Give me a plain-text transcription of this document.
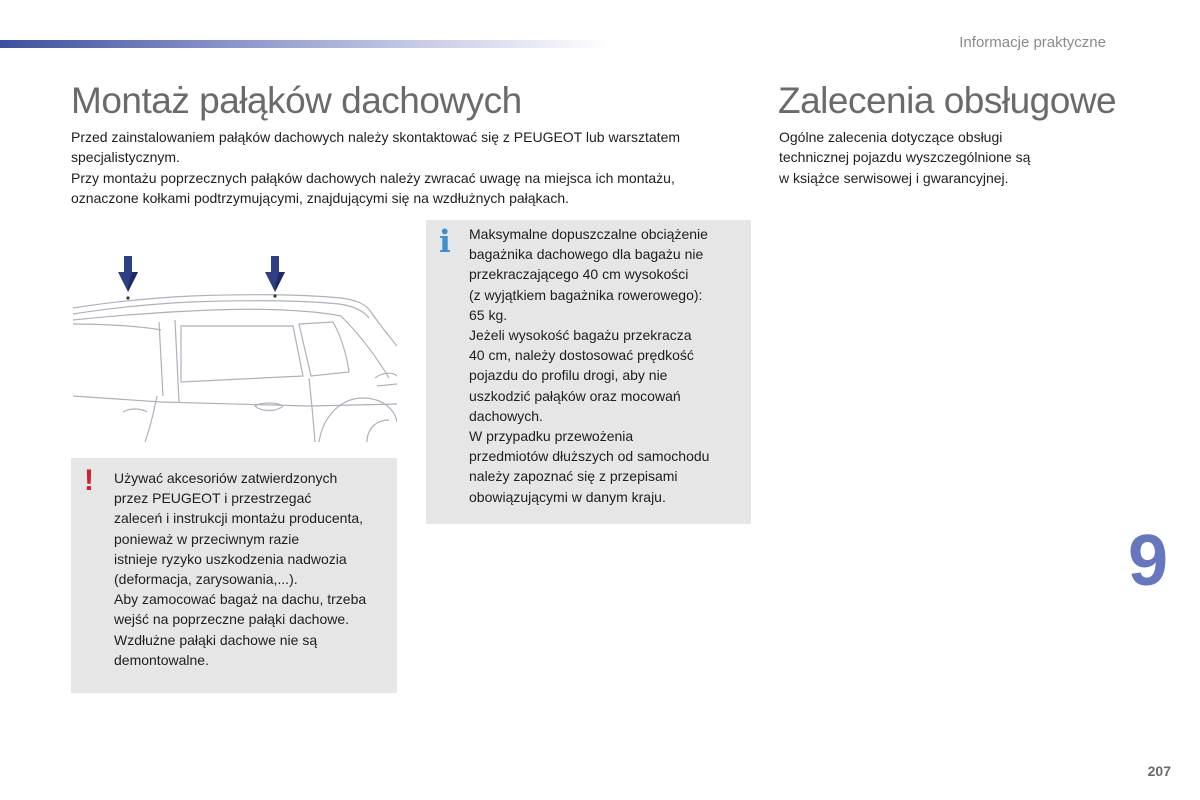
Informacje praktyczne
Montaż pałąków dachowych	Zalecenia obsługowe

Przed zainstalowaniem pałąków dachowych należy skontaktować się z PEUGEOT lub warsztatem
specjalistycznym.
Przy montażu poprzecznych pałąków dachowych należy zwracać uwagę na miejsca ich montażu,
oznaczone kołkami podtrzymującymi, znajdującymi się na wzdłużnych pałąkach.

Ogólne zalecenia dotyczące obsługi
technicznej pojazdu wyszczególnione są
w książce serwisowej i gwarancyjnej.

! Używać akcesoriów zatwierdzonych
przez PEUGEOT i przestrzegać
zaleceń i instrukcji montażu producenta,
ponieważ w przeciwnym razie
istnieje ryzyko uszkodzenia nadwozia
(deformacja, zarysowania,...).
Aby zamocować bagaż na dachu, trzeba
wejść na poprzeczne pałąki dachowe.
Wzdłużne pałąki dachowe nie są
demontowalne.

i Maksymalne dopuszczalne obciążenie
bagażnika dachowego dla bagażu nie
przekraczającego 40 cm wysokości
(z wyjątkiem bagażnika rowerowego):
65 kg.
Jeżeli wysokość bagażu przekracza
40 cm, należy dostosować prędkość
pojazdu do profilu drogi, aby nie
uszkodzić pałąków oraz mocowań
dachowych.
W przypadku przewożenia
przedmiotów dłuższych od samochodu
należy zapoznać się z przepisami
obowiązującymi w danym kraju.

9
207
